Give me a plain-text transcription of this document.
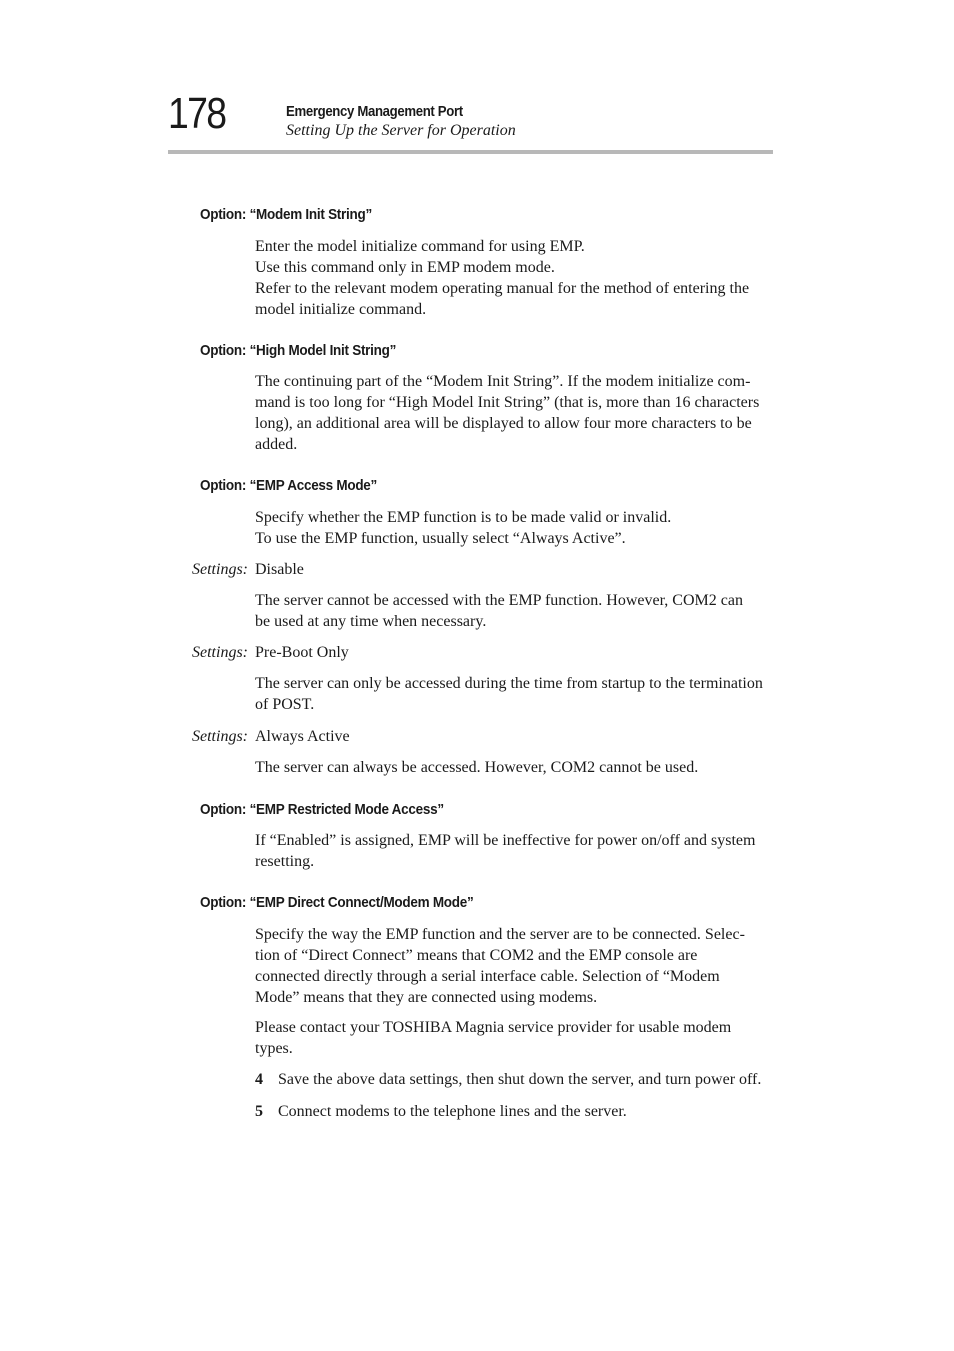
178	Emergency Management Port
Setting Up the Server for Operation
Option: “Modem Init String”
Enter the model initialize command for using EMP.
Use this command only in EMP modem mode.
Refer to the relevant modem operating manual for the method of entering the
model initialize command.
Option: “High Model Init String”
The continuing part of the “Modem Init String”. If the modem initialize com-
mand is too long for “High Model Init String” (that is, more than 16 characters
long), an additional area will be displayed to allow four more characters to be
added.
Option: “EMP Access Mode”
Specify whether the EMP function is to be made valid or invalid.
To use the EMP function, usually select “Always Active”.
Settings: Disable
The server cannot be accessed with the EMP function. However, COM2 can
be used at any time when necessary.
Settings: Pre-Boot Only
The server can only be accessed during the time from startup to the termination
of POST.
Settings: Always Active
The server can always be accessed. However, COM2 cannot be used.
Option: “EMP Restricted Mode Access”
If “Enabled” is assigned, EMP will be ineffective for power on/off and system
resetting.
Option: “EMP Direct Connect/Modem Mode”
Specify the way the EMP function and the server are to be connected. Selec-
tion of “Direct Connect” means that COM2 and the EMP console are
connected directly through a serial interface cable. Selection of “Modem
Mode” means that they are connected using modems.
Please contact your TOSHIBA Magnia service provider for usable modem
types.
4 Save the above data settings, then shut down the server, and turn power off.
5 Connect modems to the telephone lines and the server.
